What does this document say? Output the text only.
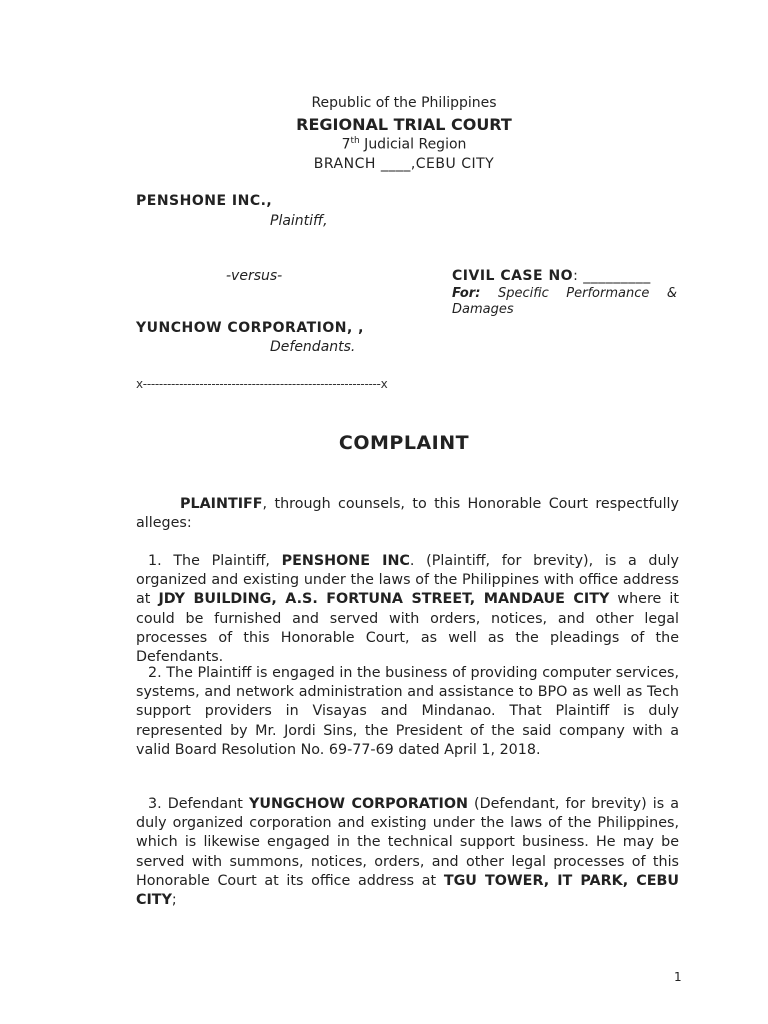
Republic of the Philippines
REGIONAL TRIAL COURT
7th Judicial Region
BRANCH ____,CEBU CITY
PENSHONE INC.,
Plaintiff,
-versus-	CIVIL CASE NO: _________
For: Specific Performance &
Damages
YUNCHOW CORPORATION, ,
Defendants.
x-----------------------------------------------------------x
COMPLAINT
PLAINTIFF, through counsels, to this Honorable Court respectfully alleges:
1. The Plaintiff, PENSHONE INC. (Plaintiff, for brevity), is a duly organized and existing under the laws of the Philippines with office address at JDY BUILDING, A.S. FORTUNA STREET, MANDAUE CITY where it could be furnished and served with orders, notices, and other legal processes of this Honorable Court, as well as the pleadings of the Defendants.
2. The Plaintiff is engaged in the business of providing computer services, systems, and network administration and assistance to BPO as well as Tech support providers in Visayas and Mindanao. That Plaintiff is duly represented by Mr. Jordi Sins, the President of the said company with a valid Board Resolution No. 69-77-69 dated April 1, 2018.
3. Defendant YUNGCHOW CORPORATION (Defendant, for brevity) is a duly organized corporation and existing under the laws of the Philippines, which is likewise engaged in the technical support business. He may be served with summons, notices, orders, and other legal processes of this Honorable Court at its office address at TGU TOWER, IT PARK, CEBU CITY;
1
